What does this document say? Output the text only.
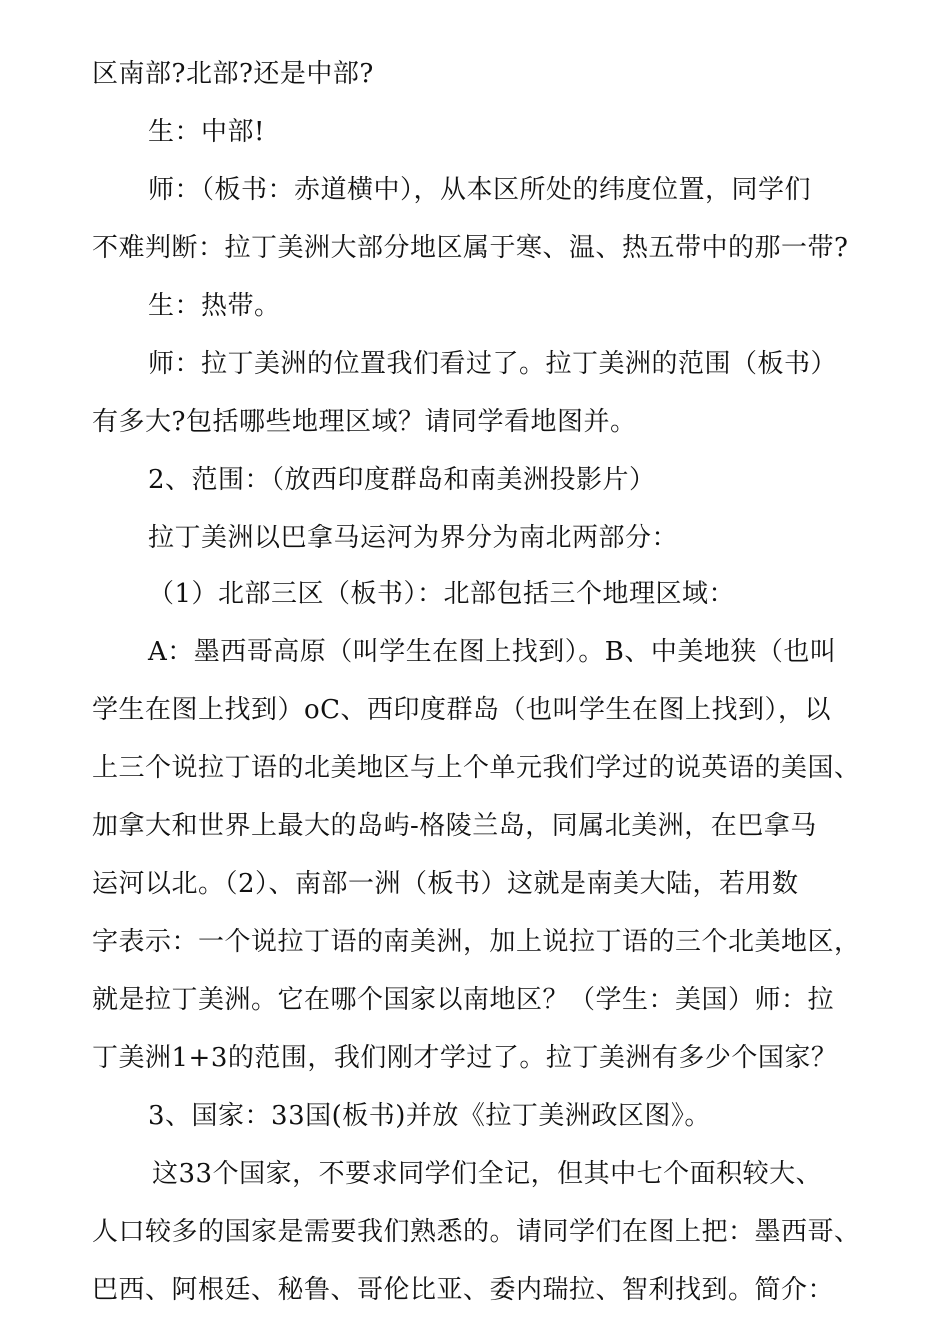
区南部?北部?还是中部?
生：中部!
师：（板书：赤道横中），从本区所处的纬度位置，同学们
不难判断：拉丁美洲大部分地区属于寒、温、热五带中的那一带?
生：热带。
师：拉丁美洲的位置我们看过了。拉丁美洲的范围（板书）
有多大?包括哪些地理区域？请同学看地图并。
2、范围：（放西印度群岛和南美洲投影片）
拉丁美洲以巴拿马运河为界分为南北两部分：
（1）北部三区（板书）：北部包括三个地理区域：
A：墨西哥高原（叫学生在图上找到）。B、中美地狭（也叫
学生在图上找到）oC、西印度群岛（也叫学生在图上找到），以
上三个说拉丁语的北美地区与上个单元我们学过的说英语的美国、
加拿大和世界上最大的岛屿-格陵兰岛，同属北美洲，在巴拿马
运河以北。（2）、南部一洲（板书）这就是南美大陆，若用数
字表示：一个说拉丁语的南美洲，加上说拉丁语的三个北美地区，
就是拉丁美洲。它在哪个国家以南地区？（学生：美国）师：拉
丁美洲1+3的范围，我们刚才学过了。拉丁美洲有多少个国家？
3、国家：33国(板书)并放《拉丁美洲政区图》。
这33个国家，不要求同学们全记，但其中七个面积较大、
人口较多的国家是需要我们熟悉的。请同学们在图上把：墨西哥、
巴西、阿根廷、秘鲁、哥伦比亚、委内瑞拉、智利找到。简介：
